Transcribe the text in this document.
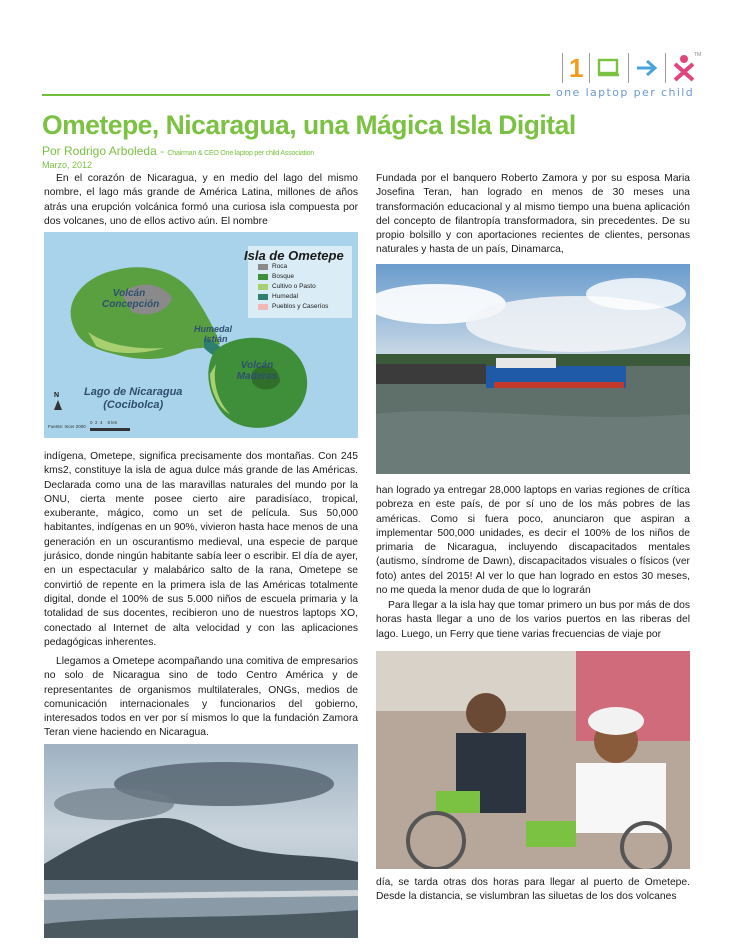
1	TM
one laptop per child
Ometepe, Nicaragua, una Mágica Isla Digital
Por Rodrigo Arboleda - Chairman & CEO One laptop per child Association
Marzo, 2012

En el corazón de Nicaragua, y en medio del lago del mismo nombre, el lago más grande de América Latina, millones de años atrás una erupción volcánica formó una curiosa isla compuesta por dos volcanes, uno de ellos activo aún. El nombre

Isla de Ometepe
Roca
Bosque
Cultivo o Pasto
Humedal
Pueblos y Caseríos
Volcán Concepción
Volcán Maderas
Humedal
Istián
Lago de Nicaragua
(Cocibolca)
N
Fuente: Incer 2000
0  2  4    8 km

indígena, Ometepe, significa precisamente dos montañas. Con 245 kms2, constituye la isla de agua dulce más grande de las Américas. Declarada como una de las maravillas naturales del mundo por la ONU, cierta mente posee cierto aire paradisíaco, tropical, exuberante, mágico, como un set de película. Sus 50,000 habitantes, indígenas en un 90%, vivieron hasta hace menos de una generación en un oscurantismo medieval, una especie de parque jurásico, donde ningún habitante sabía leer o escribir. El día de ayer, en un espectacular y malabárico salto de la rana, Ometepe se convirtió de repente en la primera isla de las Américas totalmente digital, donde el 100% de sus 5.000 niños de escuela primaria y la totalidad de sus docentes, recibieron uno de nuestros laptops XO, conectado al Internet de alta velocidad y con las aplicaciones pedagógicas inherentes.

Llegamos a Ometepe acompañando una comitiva de empresarios no solo de Nicaragua sino de todo Centro América y de representantes de organismos multilaterales, ONGs, medios de comunicación internacionales y funcionarios del gobierno, interesados todos en ver por sí mismos lo que la fundación Zamora Teran viene haciendo en Nicaragua.

Fundada por el banquero Roberto Zamora y por su esposa Maria Josefina Teran, han logrado en menos de 30 meses una transformación educacional y al mismo tiempo una buena aplicación del concepto de filantropía transformadora, sin precedentes. De su propio bolsillo y con aportaciones recientes de clientes, personas naturales y hasta de un país, Dinamarca,

han logrado ya entregar 28,000 laptops en varias regiones de crítica pobreza en este país, de por sí uno de los más pobres de las américas. Como si fuera poco, anunciaron que aspiran a implementar 500,000 unidades, es decir el 100% de los niños de primaria de Nicaragua, incluyendo discapacitados mentales (autismo, síndrome de Dawn), discapacitados visuales o físicos (ver foto) antes del 2015! Al ver lo que han logrado en estos 30 meses, no me queda la menor duda de que lo lograrán

Para llegar a la isla hay que tomar primero un bus por más de dos horas hasta llegar a uno de los varios puertos en las riberas del lago. Luego, un Ferry que tiene varias frecuencias de viaje por

día, se tarda otras dos horas para llegar al puerto de Ometepe. Desde la distancia, se vislumbran las siluetas de los dos volcanes
